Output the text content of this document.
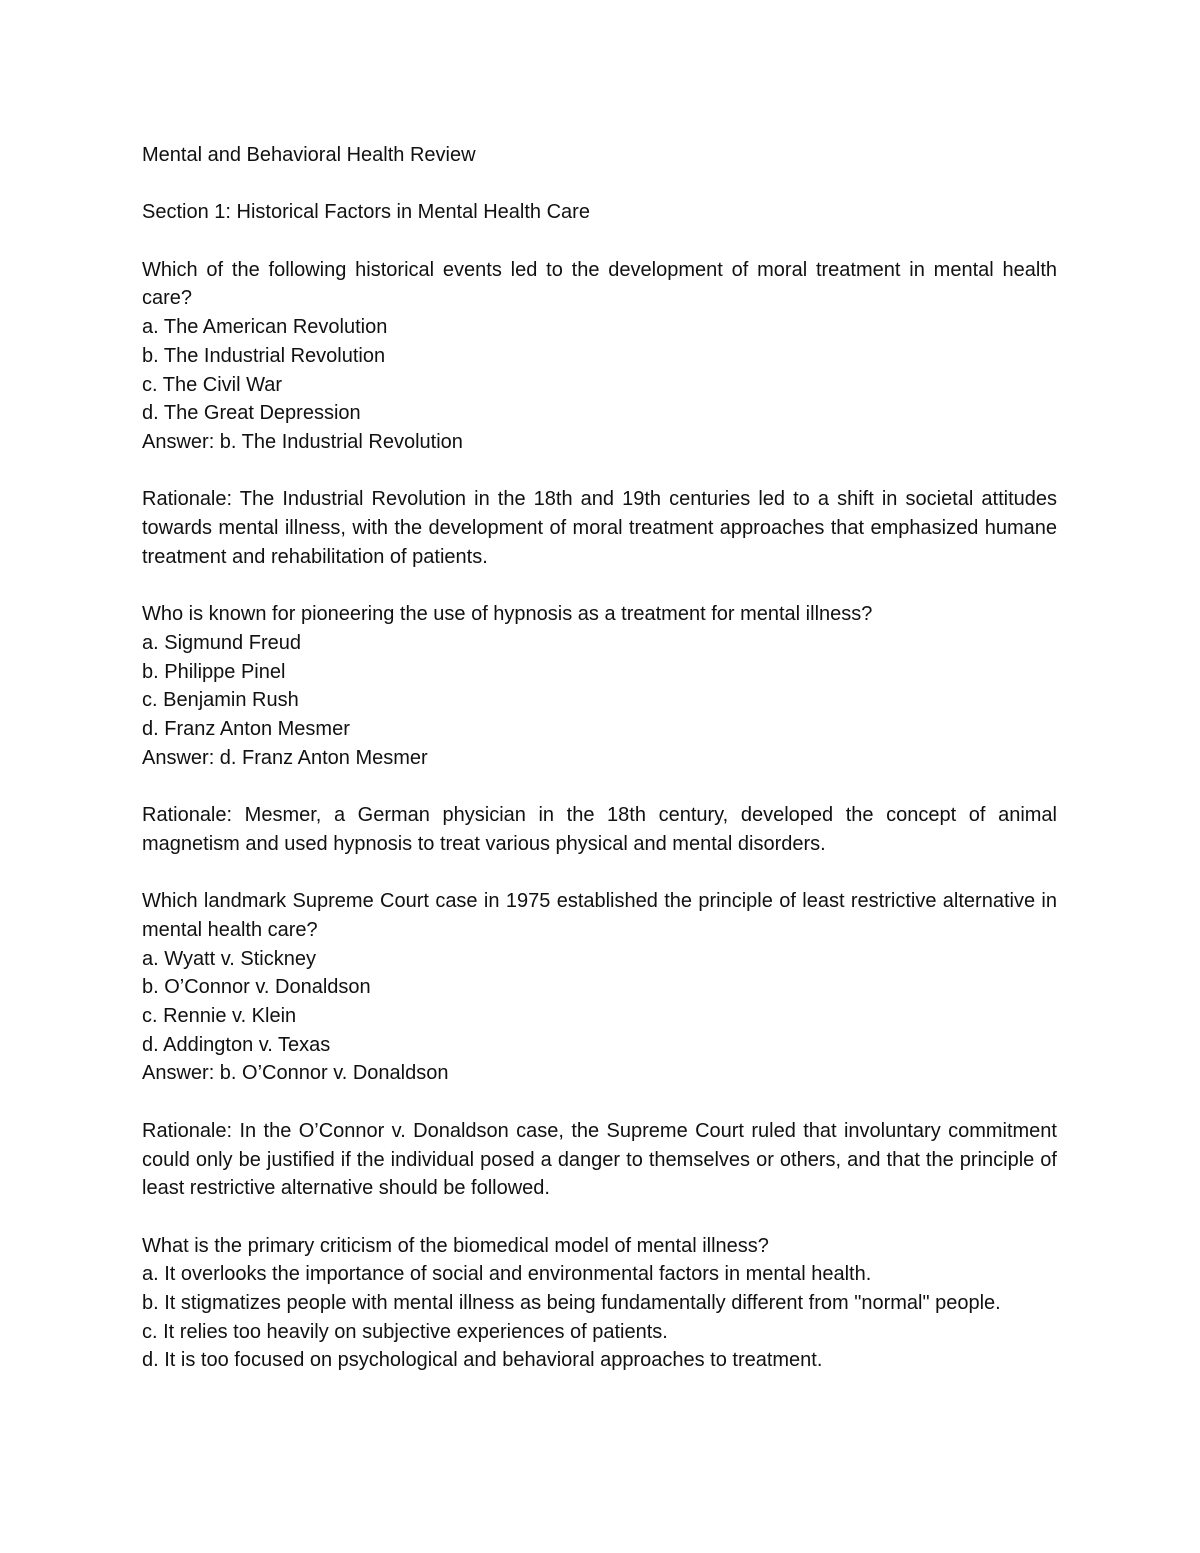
Mental and Behavioral Health Review

Section 1: Historical Factors in Mental Health Care

Which of the following historical events led to the development of moral treatment in mental health care?

a. The American Revolution

b. The Industrial Revolution

c. The Civil War

d. The Great Depression

Answer: b. The Industrial Revolution

Rationale: The Industrial Revolution in the 18th and 19th centuries led to a shift in societal attitudes towards mental illness, with the development of moral treatment approaches that emphasized humane treatment and rehabilitation of patients.

Who is known for pioneering the use of hypnosis as a treatment for mental illness?

a. Sigmund Freud

b. Philippe Pinel

c. Benjamin Rush

d. Franz Anton Mesmer

Answer: d. Franz Anton Mesmer

Rationale: Mesmer, a German physician in the 18th century, developed the concept of animal magnetism and used hypnosis to treat various physical and mental disorders.

Which landmark Supreme Court case in 1975 established the principle of least restrictive alternative in mental health care?

a. Wyatt v. Stickney

b. O’Connor v. Donaldson

c. Rennie v. Klein

d. Addington v. Texas

Answer: b. O’Connor v. Donaldson

Rationale: In the O’Connor v. Donaldson case, the Supreme Court ruled that involuntary commitment could only be justified if the individual posed a danger to themselves or others, and that the principle of least restrictive alternative should be followed.

What is the primary criticism of the biomedical model of mental illness?

a. It overlooks the importance of social and environmental factors in mental health.

b. It stigmatizes people with mental illness as being fundamentally different from "normal" people.

c. It relies too heavily on subjective experiences of patients.

d. It is too focused on psychological and behavioral approaches to treatment.
